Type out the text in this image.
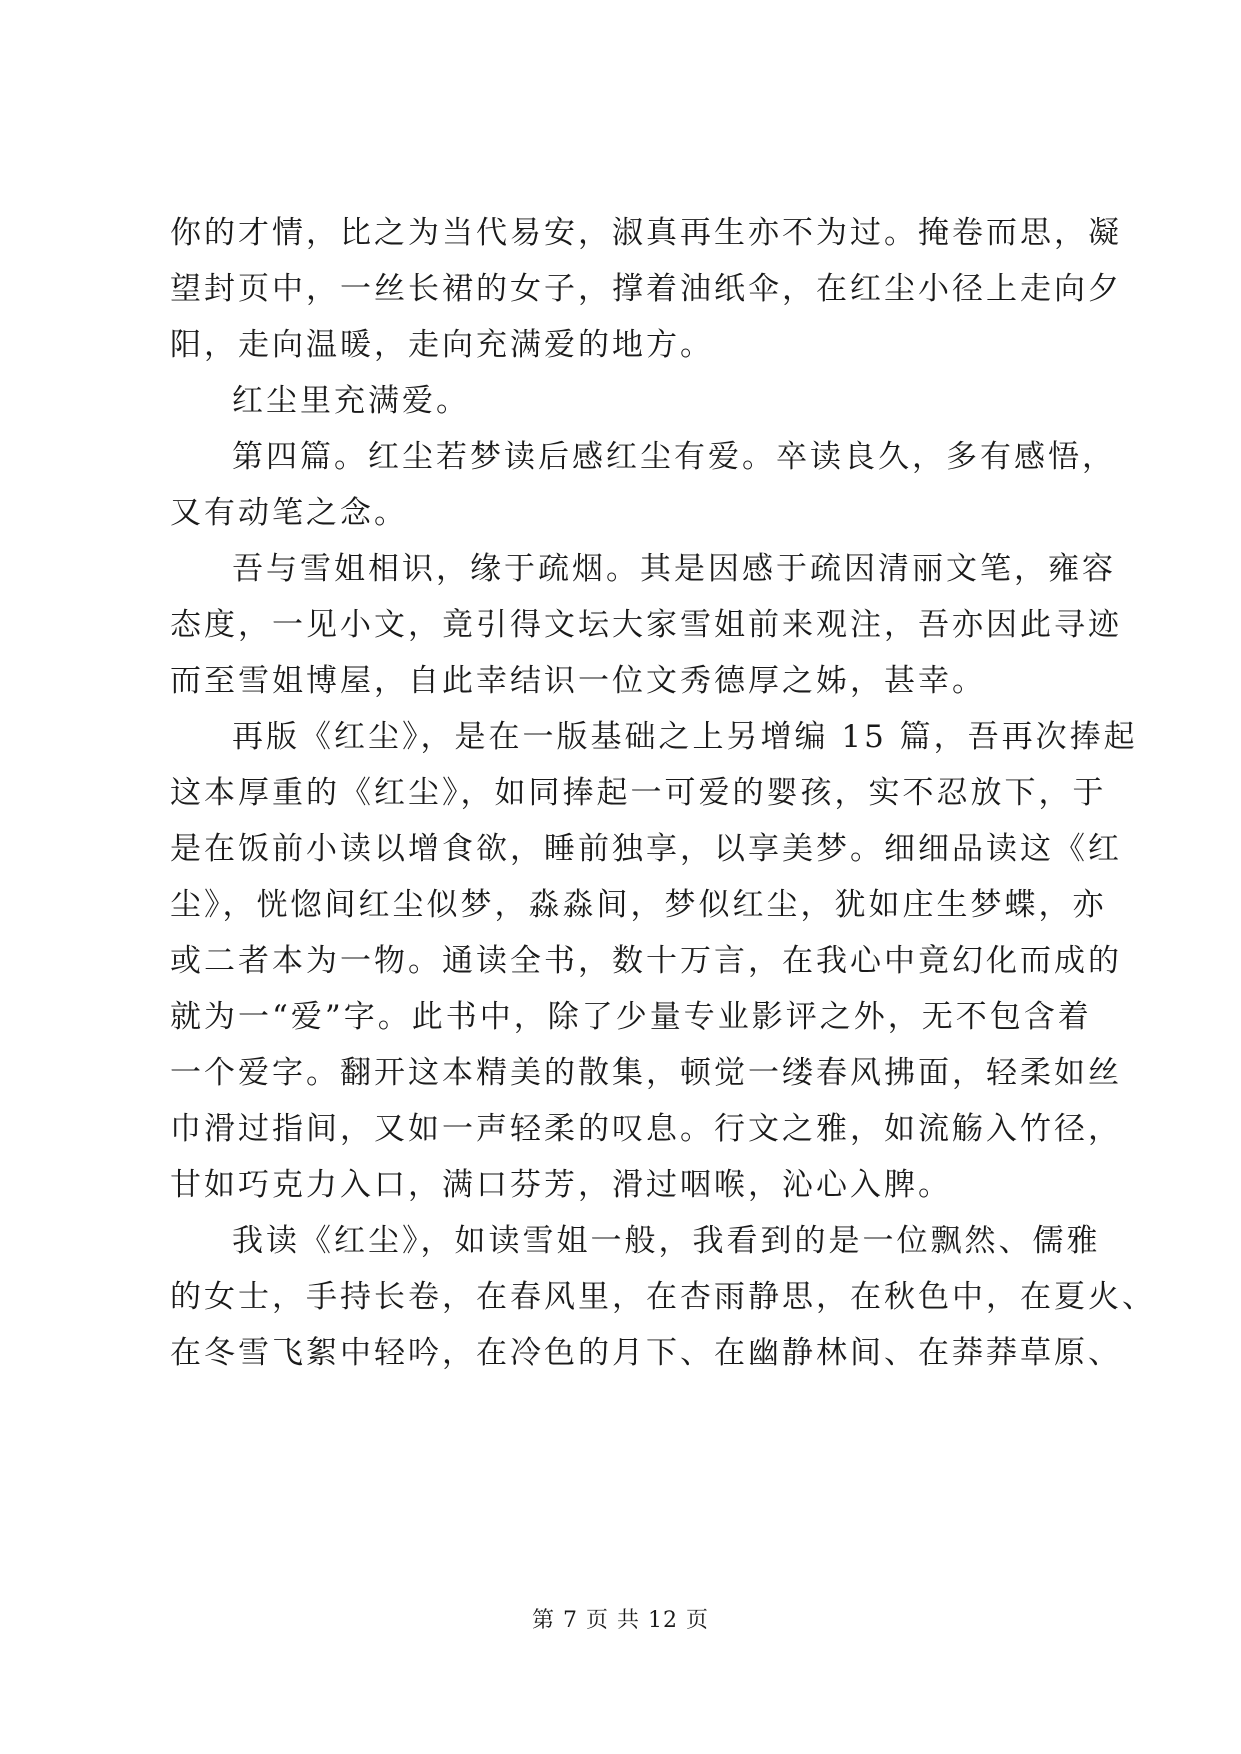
你的才情，比之为当代易安，淑真再生亦不为过。掩卷而思，凝
望封页中，一丝长裙的女子，撑着油纸伞，在红尘小径上走向夕
阳，走向温暖，走向充满爱的地方。
红尘里充满爱。
第四篇。红尘若梦读后感红尘有爱。卒读良久，多有感悟，
又有动笔之念。
吾与雪姐相识，缘于疏烟。其是因感于疏因清丽文笔，雍容
态度，一见小文，竟引得文坛大家雪姐前来观注，吾亦因此寻迹
而至雪姐博屋，自此幸结识一位文秀德厚之姊，甚幸。
再版《红尘》，是在一版基础之上另增编 15 篇，吾再次捧起
这本厚重的《红尘》，如同捧起一可爱的婴孩，实不忍放下，于
是在饭前小读以增食欲，睡前独享，以享美梦。细细品读这《红
尘》，恍惚间红尘似梦，淼淼间，梦似红尘，犹如庄生梦蝶，亦
或二者本为一物。通读全书，数十万言，在我心中竟幻化而成的
就为一“爱”字。此书中，除了少量专业影评之外，无不包含着
一个爱字。翻开这本精美的散集，顿觉一缕春风拂面，轻柔如丝
巾滑过指间，又如一声轻柔的叹息。行文之雅，如流觞入竹径，
甘如巧克力入口，满口芬芳，滑过咽喉，沁心入脾。
我读《红尘》，如读雪姐一般，我看到的是一位飘然、儒雅
的女士，手持长卷，在春风里，在杏雨静思，在秋色中，在夏火、
在冬雪飞絮中轻吟，在冷色的月下、在幽静林间、在莽莽草原、
第 7 页 共 12 页
